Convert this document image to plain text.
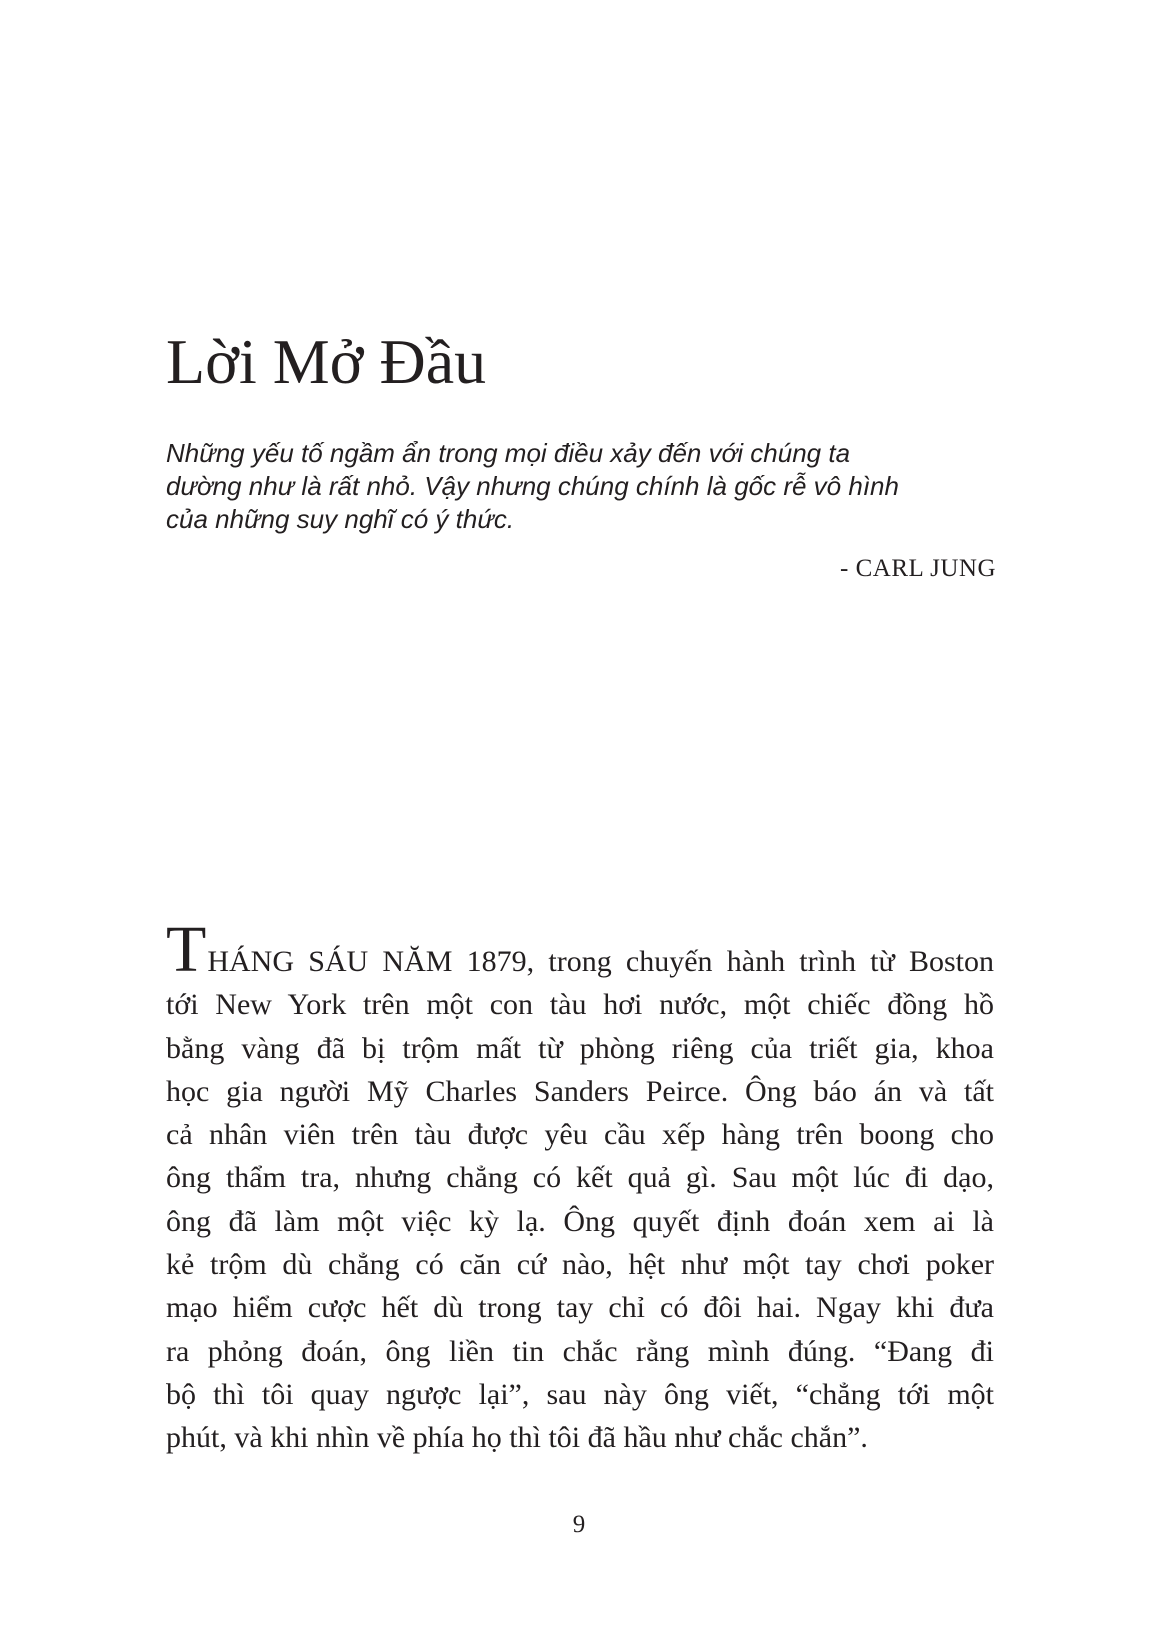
Lời Mở Đầu
Những yếu tố ngầm ẩn trong mọi điều xảy đến với chúng ta
dường như là rất nhỏ. Vậy nhưng chúng chính là gốc rễ vô hình
của những suy nghĩ có ý thức.
- CARL JUNG
THÁNG SÁU NĂM 1879, trong chuyến hành trình từ Boston
tới New York trên một con tàu hơi nước, một chiếc đồng hồ
bằng vàng đã bị trộm mất từ phòng riêng của triết gia, khoa
học gia người Mỹ Charles Sanders Peirce. Ông báo án và tất
cả nhân viên trên tàu được yêu cầu xếp hàng trên boong cho
ông thẩm tra, nhưng chẳng có kết quả gì. Sau một lúc đi dạo,
ông đã làm một việc kỳ lạ. Ông quyết định đoán xem ai là
kẻ trộm dù chẳng có căn cứ nào, hệt như một tay chơi poker
mạo hiểm cược hết dù trong tay chỉ có đôi hai. Ngay khi đưa
ra phỏng đoán, ông liền tin chắc rằng mình đúng. “Đang đi
bộ thì tôi quay ngược lại”, sau này ông viết, “chẳng tới một
phút, và khi nhìn về phía họ thì tôi đã hầu như chắc chắn”.
9
